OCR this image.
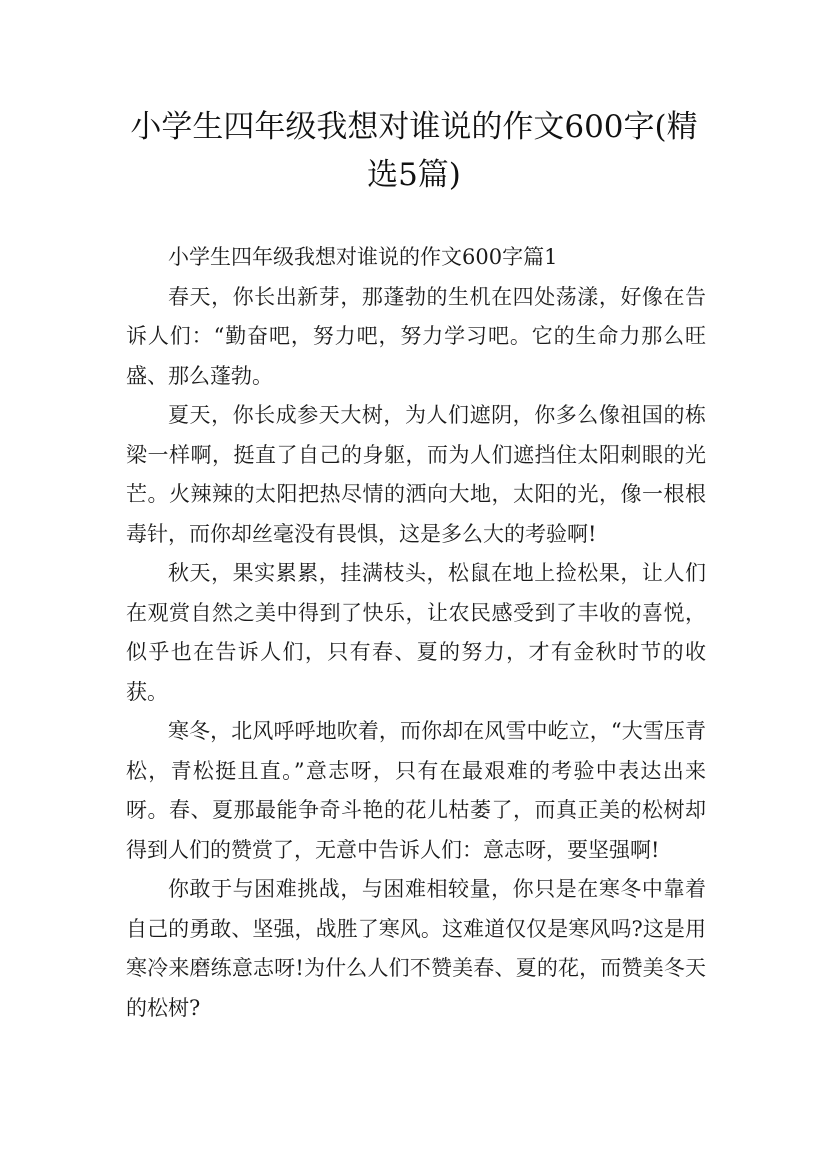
小学生四年级我想对谁说的作文600字(精选5篇)

小学生四年级我想对谁说的作文600字篇1

春天，你长出新芽，那蓬勃的生机在四处荡漾，好像在告诉人们：“勤奋吧，努力吧，努力学习吧。它的生命力那么旺盛、那么蓬勃。

夏天，你长成参天大树，为人们遮阴，你多么像祖国的栋梁一样啊，挺直了自己的身躯，而为人们遮挡住太阳刺眼的光芒。火辣辣的太阳把热尽情的洒向大地，太阳的光，像一根根毒针，而你却丝毫没有畏惧，这是多么大的考验啊!

秋天，果实累累，挂满枝头，松鼠在地上捡松果，让人们在观赏自然之美中得到了快乐，让农民感受到了丰收的喜悦，似乎也在告诉人们，只有春、夏的努力，才有金秋时节的收获。

寒冬，北风呼呼地吹着，而你却在风雪中屹立，“大雪压青松，青松挺且直。”意志呀，只有在最艰难的考验中表达出来呀。春、夏那最能争奇斗艳的花儿枯萎了，而真正美的松树却得到人们的赞赏了，无意中告诉人们：意志呀，要坚强啊!

你敢于与困难挑战，与困难相较量，你只是在寒冬中靠着自己的勇敢、坚强，战胜了寒风。这难道仅仅是寒风吗?这是用寒冷来磨练意志呀!为什么人们不赞美春、夏的花，而赞美冬天的松树?
